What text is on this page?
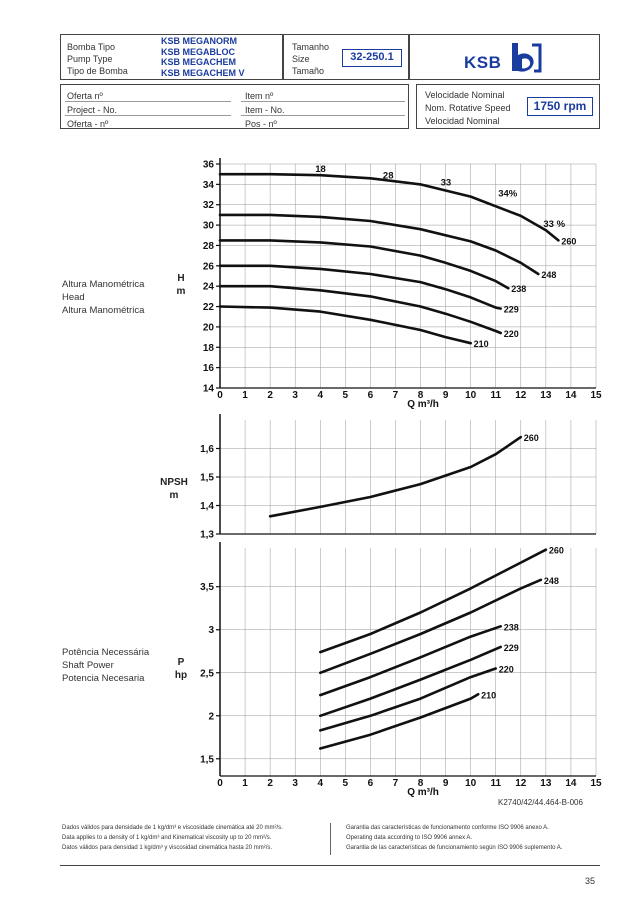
Bomba Tipo
Pump Type
Tipo de Bomba
KSB MEGANORM
KSB MEGABLOC
KSB MEGACHEM
KSB MEGACHEM V
Tamanho
Size
Tamaño
32-250.1	KSB
Oferta nº
Project - No.
Oferta - nº
Item nº
Item - No.
Pos - nº
Velocidade Nominal
Nom. Rotative Speed
Velocidad Nominal
1750 rpm
Altura Manométrica
Head
Altura Manométrica
Potência Necessária
Shaft Power
Potencia Necesaria
H
m
NPSH
m
P
hp
14
16
18
20
22
24
26
28
30
32
34
36
0 1 2 3 4 5 6 7 8 9 10 11 12 13 14 15
Q m³/h
260
248
238
229
220
210
18
28
33
34%
33 %
1,3
1,4
1,5
1,6
260
1,5
2
2,5
3
3,5
0 1 2 3 4 5 6 7 8 9 10 11 12 13 14 15
Q m³/h
260
248
238
229
220
210
K2740/42/44.464-B-006
Dados válidos para densidade de 1 kg/dm³ e viscosidade cinemática até 20 mm²/s.
Data applies to a density of 1 kg/dm³ and Kinematical viscosity up to 20 mm²/s.
Datos válidos para densidad 1 kg/dm³ y viscosidad cinemática hasta 20 mm²/s.
Garantia das características de funcionamento conforme ISO 9906 anexo A.
Operating data according to ISO 9906 annex A.
Garantia de las características de funcionamiento según ISO 9906 suplemento A.
35
